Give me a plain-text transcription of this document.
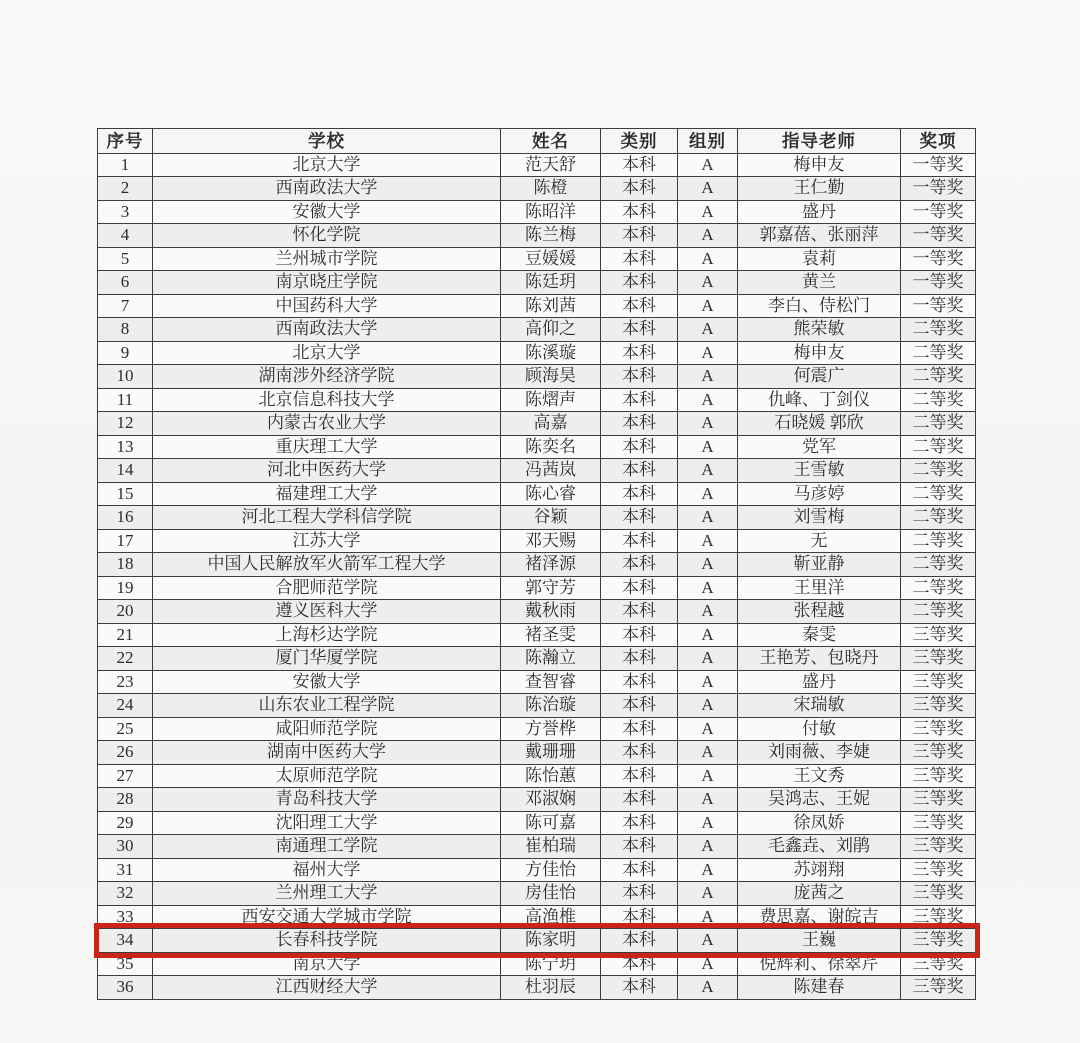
序号	学校	姓名	类别	组别	指导老师	奖项
1	北京大学	范天舒	本科	A	梅申友	一等奖
2	西南政法大学	陈橙	本科	A	王仁勤	一等奖
3	安徽大学	陈昭洋	本科	A	盛丹	一等奖
4	怀化学院	陈兰梅	本科	A	郭嘉蓓、张丽萍	一等奖
5	兰州城市学院	豆媛媛	本科	A	袁莉	一等奖
6	南京晓庄学院	陈廷玥	本科	A	黄兰	一等奖
7	中国药科大学	陈刘茜	本科	A	李白、侍松门	一等奖
8	西南政法大学	高仰之	本科	A	熊荣敏	二等奖
9	北京大学	陈溪璇	本科	A	梅申友	二等奖
10	湖南涉外经济学院	顾海昊	本科	A	何震广	二等奖
11	北京信息科技大学	陈熠声	本科	A	仇峰、丁剑仪	二等奖
12	内蒙古农业大学	高嘉	本科	A	石晓媛 郭欣	二等奖
13	重庆理工大学	陈奕名	本科	A	党军	二等奖
14	河北中医药大学	冯茜岚	本科	A	王雪敏	二等奖
15	福建理工大学	陈心睿	本科	A	马彦婷	二等奖
16	河北工程大学科信学院	谷颖	本科	A	刘雪梅	二等奖
17	江苏大学	邓天赐	本科	A	无	二等奖
18	中国人民解放军火箭军工程大学	褚泽源	本科	A	靳亚静	二等奖
19	合肥师范学院	郭守芳	本科	A	王里洋	二等奖
20	遵义医科大学	戴秋雨	本科	A	张程越	二等奖
21	上海杉达学院	褚圣雯	本科	A	秦雯	三等奖
22	厦门华厦学院	陈瀚立	本科	A	王艳芳、包晓丹	三等奖
23	安徽大学	查智睿	本科	A	盛丹	三等奖
24	山东农业工程学院	陈治璇	本科	A	宋瑞敏	三等奖
25	咸阳师范学院	方誉桦	本科	A	付敏	三等奖
26	湖南中医药大学	戴珊珊	本科	A	刘雨薇、李婕	三等奖
27	太原师范学院	陈怡蕙	本科	A	王文秀	三等奖
28	青岛科技大学	邓淑娴	本科	A	吴鸿志、王妮	三等奖
29	沈阳理工大学	陈可嘉	本科	A	徐凤娇	三等奖
30	南通理工学院	崔柏瑞	本科	A	毛鑫垚、刘鹃	三等奖
31	福州大学	方佳怡	本科	A	苏翊翔	三等奖
32	兰州理工大学	房佳怡	本科	A	庞茜之	三等奖
33	西安交通大学城市学院	高渔椎	本科	A	费思嘉、谢皖吉	三等奖
34	长春科技学院	陈家明	本科	A	王巍	三等奖
35	南京大学	陈宁玥	本科	A	倪辉莉、徐翠芹	三等奖
36	江西财经大学	杜羽辰	本科	A	陈建春	三等奖
